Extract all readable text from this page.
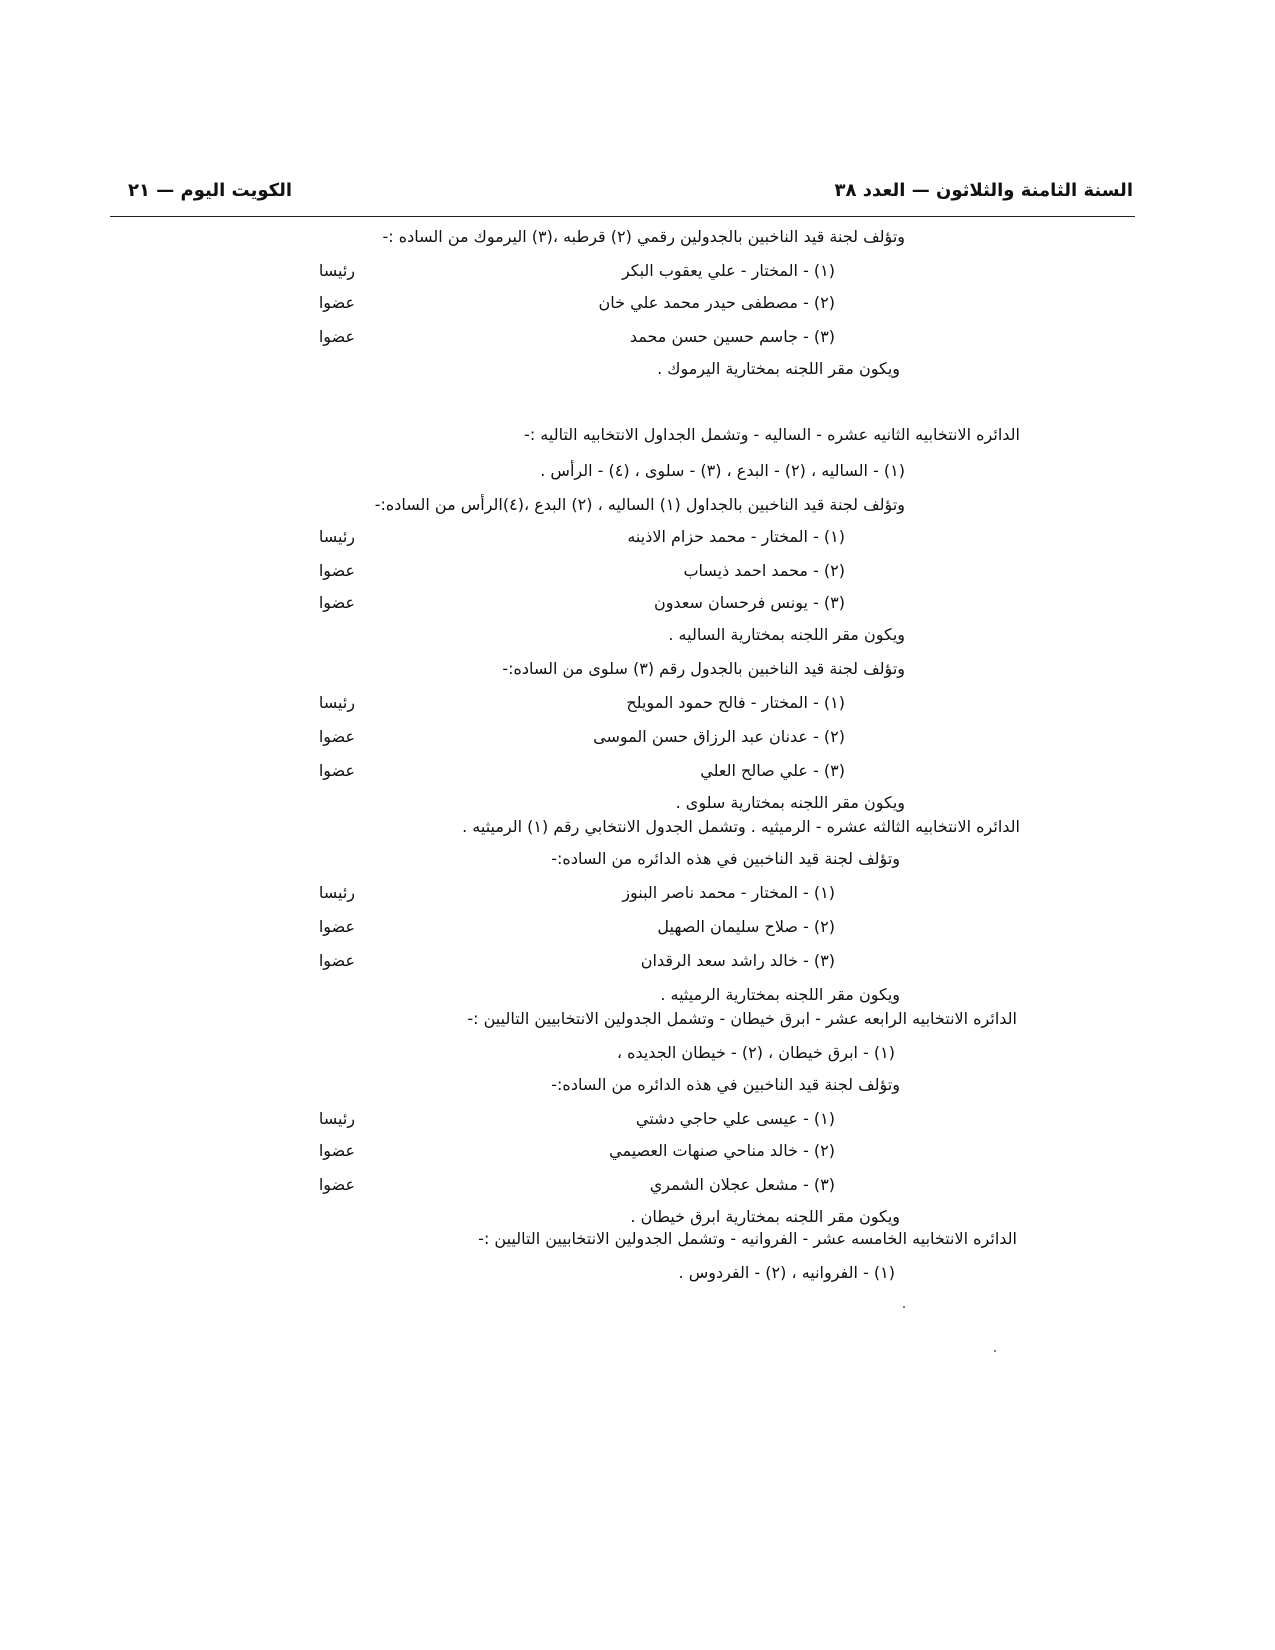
السنة الثامنة والثلاثون — العدد ٣٨
الكويت اليوم — ٢١
وتؤلف لجنة قيد الناخبين بالجدولين رقمي (٢) قرطبه ،(٣) اليرموك من الساده :-
(١) - المختار - علي يعقوب البكر
رئيسا
(٢) - مصطفى حيدر محمد علي خان
عضوا
(٣) - جاسم حسين حسن محمد
عضوا
ويكون مقر اللجنه بمختارية اليرموك .
الدائره الانتخابيه الثانيه عشره - الساليه - وتشمل الجداول الانتخابيه التاليه :-
(١) - الساليه ، (٢) - البدع ، (٣) - سلوى ، (٤) - الرأس .
وتؤلف لجنة قيد الناخبين بالجداول (١) الساليه ، (٢) البدع ،(٤)الرأس من الساده:-
(١) - المختار - محمد حزام الاذينه
رئيسا
(٢) - محمد احمد ذيساب
عضوا
(٣) - يونس فرحسان سعدون
عضوا
ويكون مقر اللجنه بمختارية الساليه .
وتؤلف لجنة قيد الناخبين بالجدول رقم (٣) سلوى من الساده:-
(١) - المختار - فالح حمود المويلح
رئيسا
(٢) - عدنان عبد الرزاق حسن الموسى
عضوا
(٣) - علي صالح العلي
عضوا
ويكون مقر اللجنه بمختارية سلوى .
الدائره الانتخابيه الثالثه عشره - الرميثيه . وتشمل الجدول الانتخابي رقم (١) الرميثيه .
وتؤلف لجنة قيد الناخبين في هذه الدائره من الساده:-
(١) - المختار - محمد ناصر البنوز
رئيسا
(٢) - صلاح سليمان الصهيل
عضوا
(٣) - خالد راشد سعد الرقدان
عضوا
ويكون مقر اللجنه بمختارية الرميثيه .
الدائره الانتخابيه الرابعه عشر - ابرق خيطان - وتشمل الجدولين الانتخابيين التاليين :-
(١) - ابرق خيطان ، (٢) - خيطان الجديده ،
وتؤلف لجنة قيد الناخبين في هذه الدائره من الساده:-
(١) - عيسى علي حاجي دشتي
رئيسا
(٢) - خالد مناحي صنهات العصيمي
عضوا
(٣) - مشعل عجلان الشمري
عضوا
ويكون مقر اللجنه بمختارية ابرق خيطان .
الدائره الانتخابيه الخامسه عشر - الفروانيه - وتشمل الجدولين الانتخابيين التاليين :-
(١) - الفروانيه ، (٢) - الفردوس .
